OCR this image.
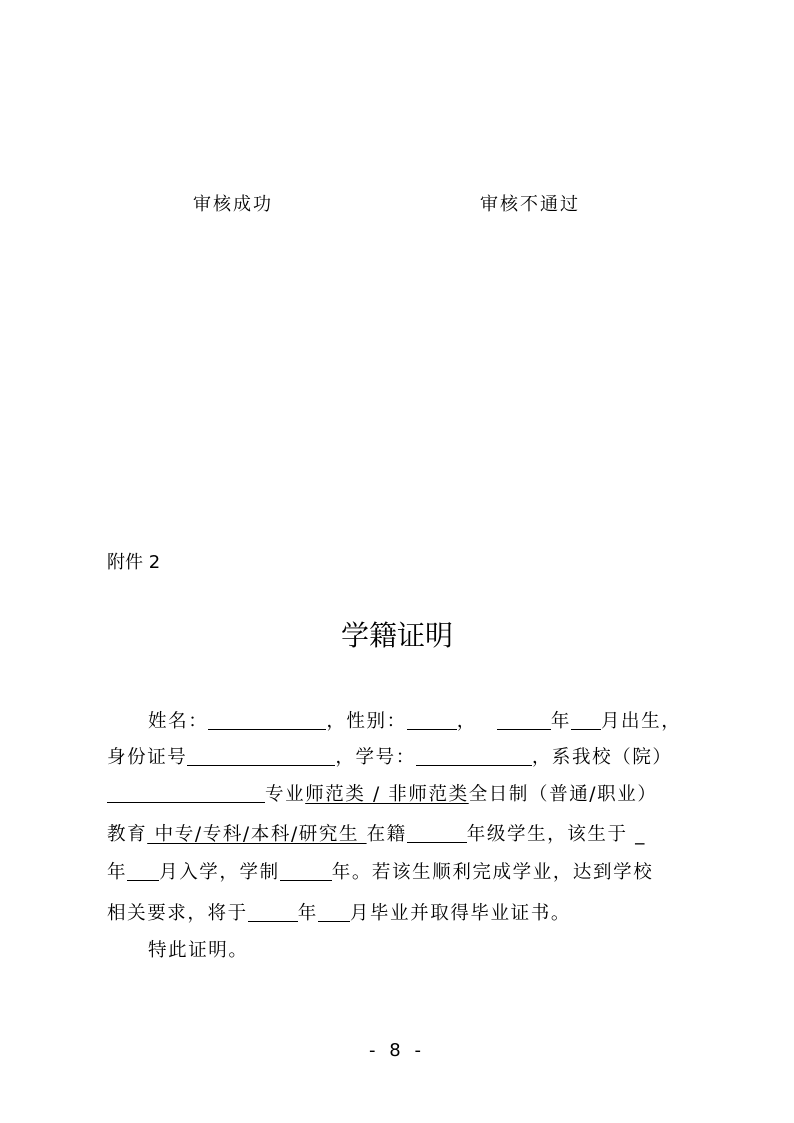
审核成功	审核不通过
附件 2
学籍证明
姓名：	，性别：	，	年 月出生，
身份证号	，学号：	，系我校（院）
专业师范类 / 非师范类全日制（普通/职业）
教育 中专/专科/本科/研究生 在籍	年级学生，该生于 _
年 月入学，学制	年。若该生顺利完成学业，达到学校
相关要求，将于	年 月毕业并取得毕业证书。
特此证明。
- 8 -
